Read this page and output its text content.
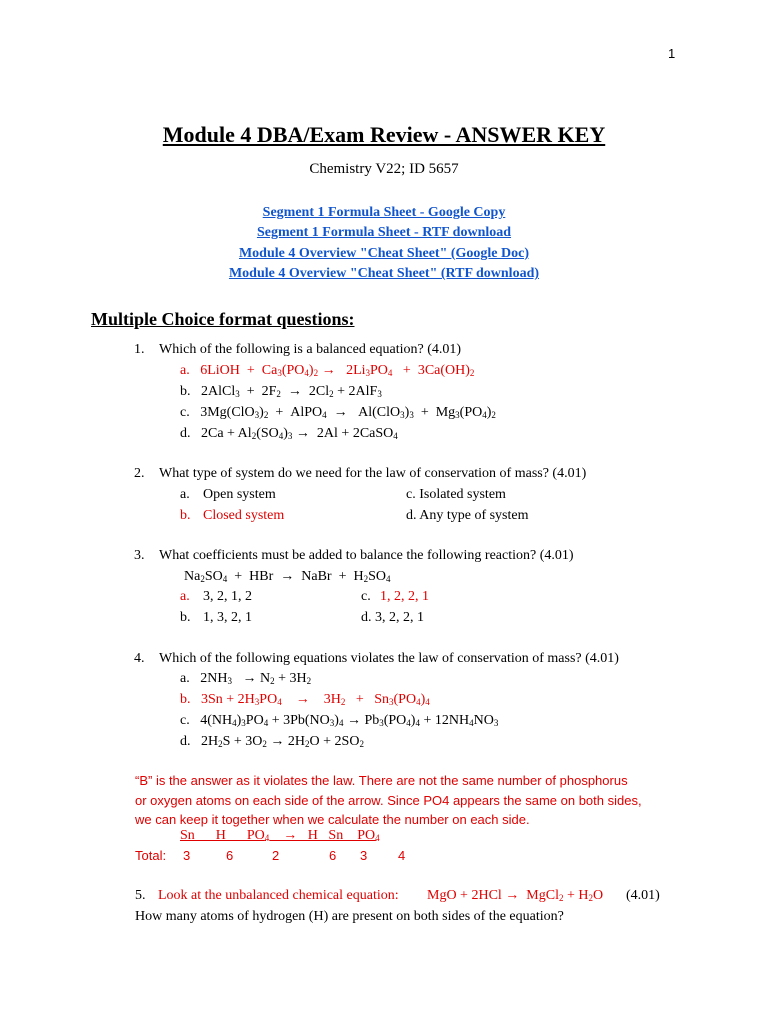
1
Module 4 DBA/Exam Review - ANSWER KEY
Chemistry V22; ID 5657
Segment 1 Formula Sheet - Google Copy
Segment 1 Formula Sheet - RTF download
Module 4 Overview "Cheat Sheet" (Google Doc)
Module 4 Overview "Cheat Sheet" (RTF download)
Multiple Choice format questions:
1. Which of the following is a balanced equation? (4.01)
a.   6LiOH  +  $Ca_3(PO_4)_2 \to 2Li_3PO_4 + 3Ca(OH)_2$
b.   2AlCl$_3$  +  $2F_2 \to 2Cl_2 + 2AlF_3$
c.   $3Mg(ClO_3)_2$  +  AlPO$_4$  →   $Al(ClO_3)_3 + Mg_3(PO_4)_2$
d.   $2Ca + Al_2(SO_4)_3 \to 2Al$ + 2CaSO$_4$
2. What type of system do we need for the law of conservation of mass? (4.01)
a. Open system	c. Isolated system
b. Closed system	d. Any type of system
3. What coefficients must be added to balance the following reaction? (4.01)
$Na_2SO_4$  +  HBr  →  NaBr  +  $H_2SO_4$
a. 3, 2, 1, 2	c. 1, 2, 2, 1
b. 1, 3, 2, 1	d. 3, 2, 2, 1
4. Which of the following equations violates the law of conservation of mass? (4.01)
a.   $2NH_3 \to N_2 + 3H_2$
b.   $3Sn + 2H_3PO_4$    →    $3H_2 + Sn_3(PO_4)_4$
c.   $4(NH_4)_3PO_4 + 3Pb(NO_3)_4 \to Pb_3(PO_4)_4 + 12NH_4NO_3$
d.   $2H_2S + 3O_2 \to 2H_2O + 2SO_2$
“B” is the answer as it violates the law. There are not the same number of phosphorus
or oxygen atoms on each side of the arrow. Since PO4 appears the same on both sides,
we can keep it together when we calculate the number on each side.
Sn      H      $PO_4$    →   H   Sn    $PO_4$
Total: 3	6	2	6 3 4
5. Look at the unbalanced chemical equation: MgO + 2HCl →  MgCl$_2$ + $H_2O$ (4.01)
How many atoms of hydrogen (H) are present on both sides of the equation?
